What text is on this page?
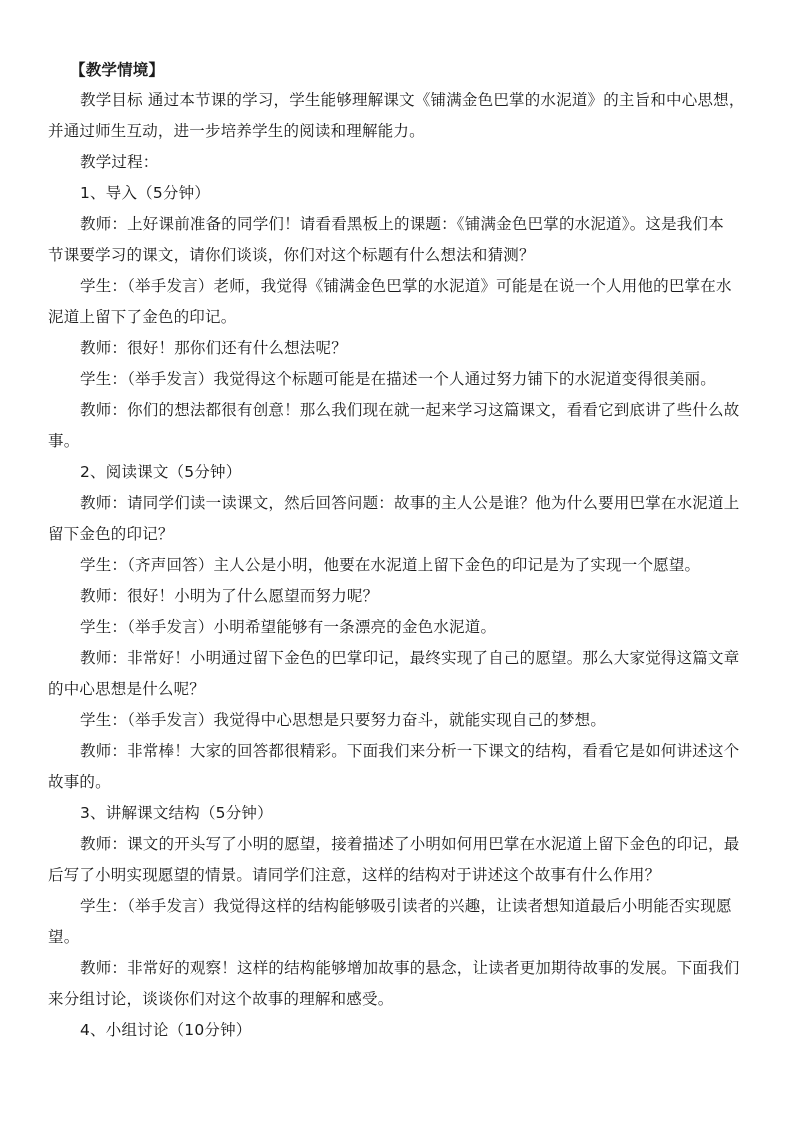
【教学情境】
教学目标 通过本节课的学习，学生能够理解课文《铺满金色巴掌的水泥道》的主旨和中心思想，
并通过师生互动，进一步培养学生的阅读和理解能力。
教学过程：
1、导入（5分钟）
教师：上好课前准备的同学们！请看看黑板上的课题：《铺满金色巴掌的水泥道》。这是我们本
节课要学习的课文，请你们谈谈，你们对这个标题有什么想法和猜测？
学生：（举手发言）老师，我觉得《铺满金色巴掌的水泥道》可能是在说一个人用他的巴掌在水
泥道上留下了金色的印记。
教师：很好！那你们还有什么想法呢？
学生：（举手发言）我觉得这个标题可能是在描述一个人通过努力铺下的水泥道变得很美丽。
教师：你们的想法都很有创意！那么我们现在就一起来学习这篇课文，看看它到底讲了些什么故
事。
2、阅读课文（5分钟）
教师：请同学们读一读课文，然后回答问题：故事的主人公是谁？他为什么要用巴掌在水泥道上
留下金色的印记？
学生：（齐声回答）主人公是小明，他要在水泥道上留下金色的印记是为了实现一个愿望。
教师：很好！小明为了什么愿望而努力呢？
学生：（举手发言）小明希望能够有一条漂亮的金色水泥道。
教师：非常好！小明通过留下金色的巴掌印记，最终实现了自己的愿望。那么大家觉得这篇文章
的中心思想是什么呢？
学生：（举手发言）我觉得中心思想是只要努力奋斗，就能实现自己的梦想。
教师：非常棒！大家的回答都很精彩。下面我们来分析一下课文的结构，看看它是如何讲述这个
故事的。
3、讲解课文结构（5分钟）
教师：课文的开头写了小明的愿望，接着描述了小明如何用巴掌在水泥道上留下金色的印记，最
后写了小明实现愿望的情景。请同学们注意，这样的结构对于讲述这个故事有什么作用？
学生：（举手发言）我觉得这样的结构能够吸引读者的兴趣，让读者想知道最后小明能否实现愿
望。
教师：非常好的观察！这样的结构能够增加故事的悬念，让读者更加期待故事的发展。下面我们
来分组讨论，谈谈你们对这个故事的理解和感受。
4、小组讨论（10分钟）
